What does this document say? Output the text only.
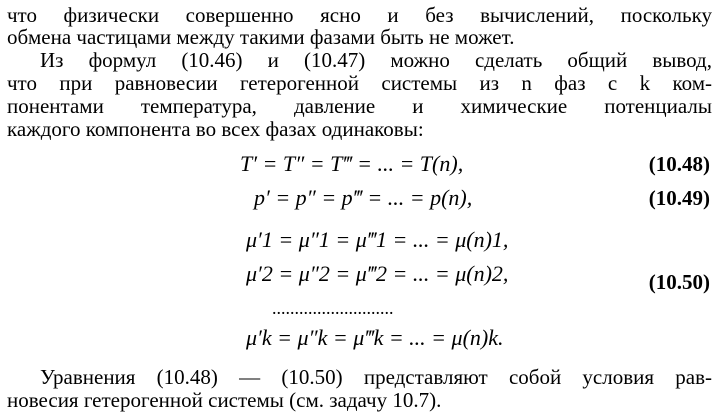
что физически совершенно ясно и без вычислений, поскольку
обмена частицами между такими фазами быть не может.
Из формул (10.46) и (10.47) можно сделать общий вывод,
что при равновесии гетерогенной системы из n фаз с k ком-
понентами температура, давление и химические потенциалы
каждого компонента во всех фазах одинаковы:
T′ = T″ = T‴ = ... = T(n),	(10.48)
p′ = p″ = p‴ = ... = p(n),	(10.49)
μ′1 = μ″1 = μ‴1 = ... = μ(n)1,
μ′2 = μ″2 = μ‴2 = ... = μ(n)2,
...........................
μ′k = μ″k = μ‴k = ... = μ(n)k.
(10.50)
Уравнения (10.48) — (10.50) представляют собой условия рав-
новесия гетерогенной системы (см. задачу 10.7).
